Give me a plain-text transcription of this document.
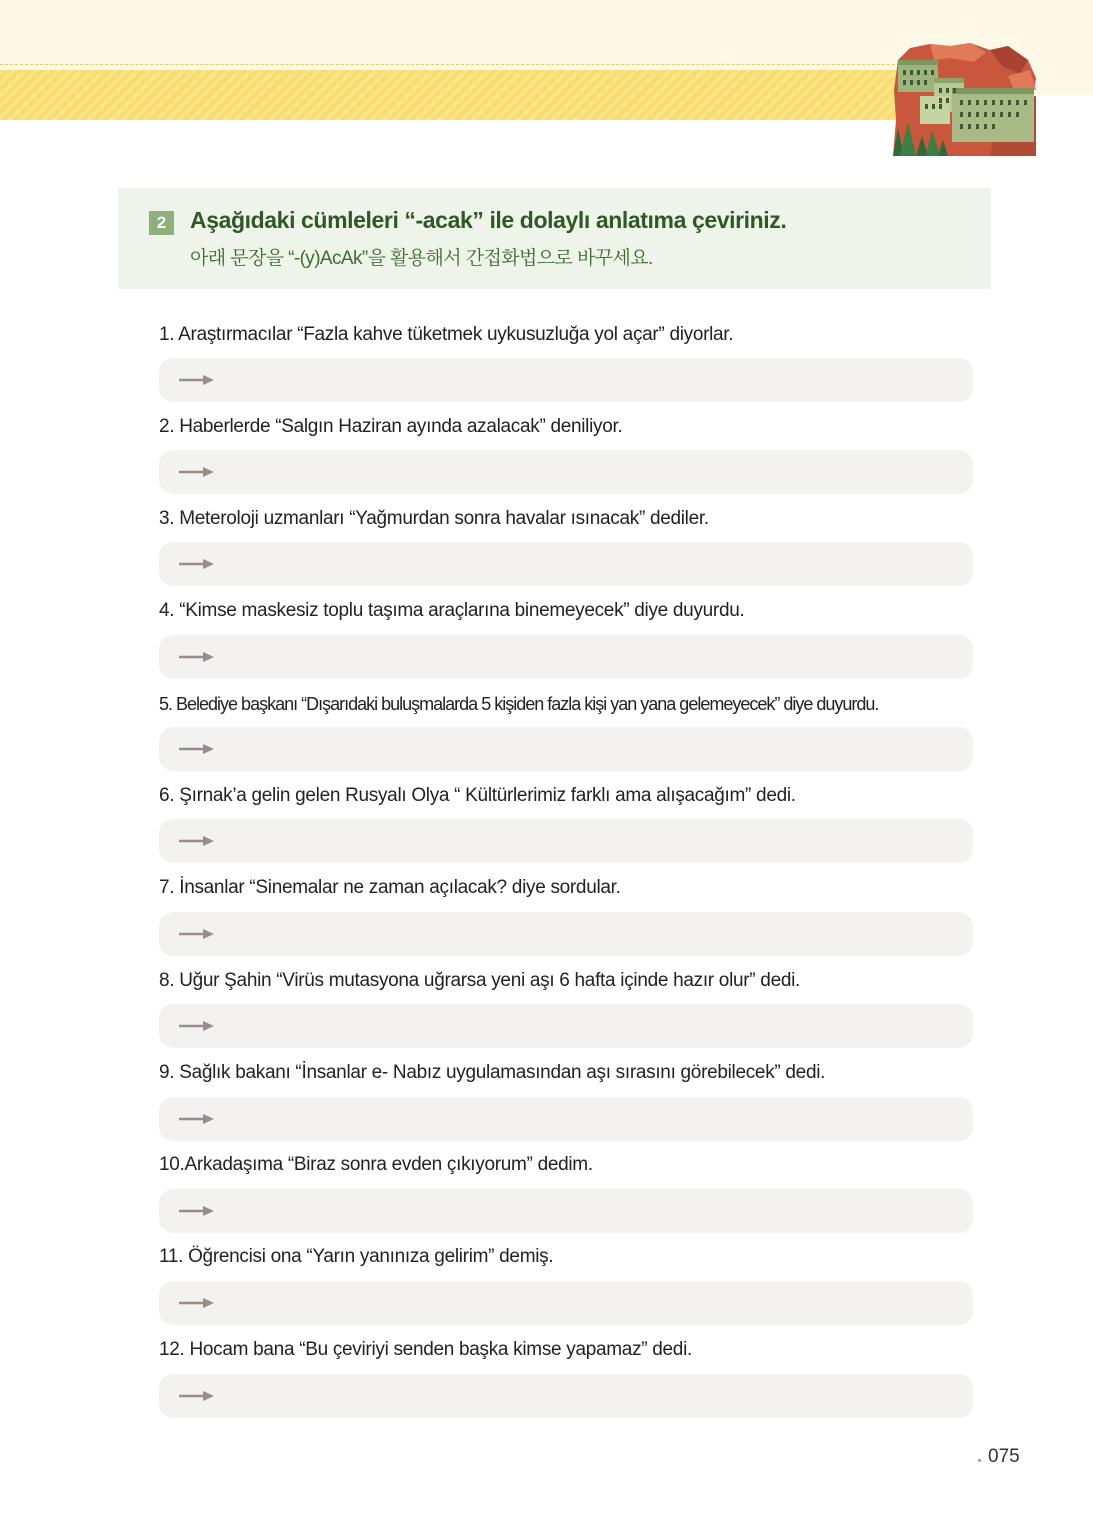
2	Aşağıdaki cümleleri “-acak” ile dolaylı anlatıma çeviriniz.
아래 문장을 “-(y)AcAk”을 활용해서 간접화법으로 바꾸세요.
1. Araştırmacılar “Fazla kahve tüketmek uykusuzluğa yol açar” diyorlar.
2. Haberlerde “Salgın Haziran ayında azalacak” deniliyor.
3. Meteroloji uzmanları “Yağmurdan sonra havalar ısınacak” dediler.
4. “Kimse maskesiz toplu taşıma araçlarına binemeyecek” diye duyurdu.
5. Belediye başkanı “Dışarıdaki buluşmalarda 5 kişiden fazla kişi yan yana gelemeyecek” diye duyurdu.
6. Şırnak’a gelin gelen Rusyalı Olya “ Kültürlerimiz farklı ama alışacağım” dedi.
7. İnsanlar “Sinemalar ne zaman açılacak? diye sordular.
8. Uğur Şahin “Virüs mutasyona uğrarsa yeni aşı 6 hafta içinde hazır olur” dedi.
9. Sağlık bakanı “İnsanlar e- Nabız uygulamasından aşı sırasını görebilecek” dedi.
10.Arkadaşıma “Biraz sonra evden çıkıyorum” dedim.
11. Öğrencisi ona “Yarın yanınıza gelirim” demiş.
12. Hocam bana “Bu çeviriyi senden başka kimse yapamaz” dedi.
075
